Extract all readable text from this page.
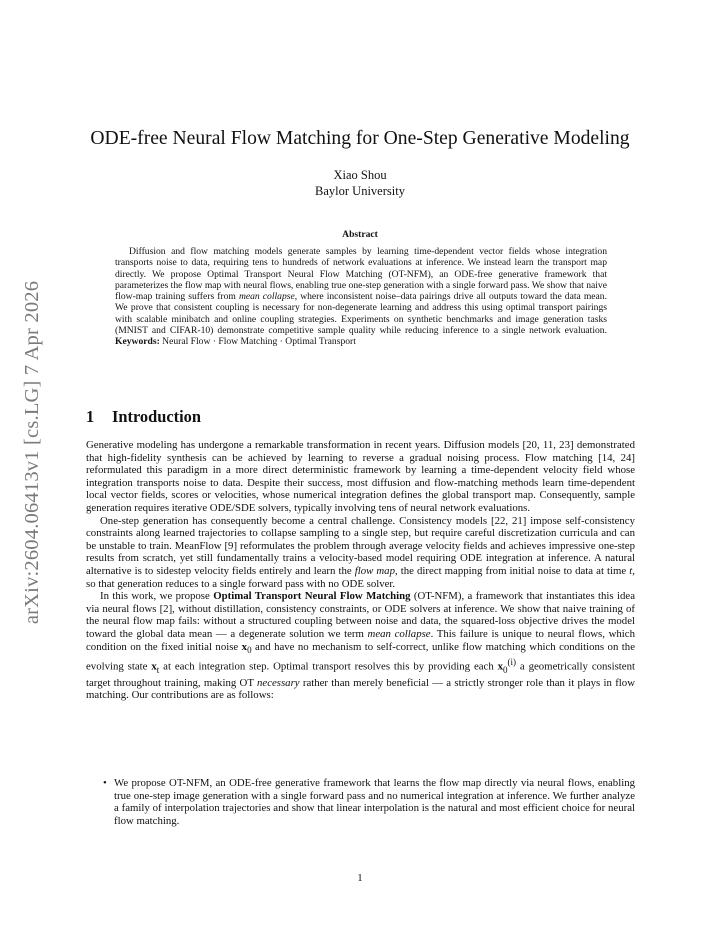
arXiv:2604.06413v1 [cs.LG] 7 Apr 2026
ODE-free Neural Flow Matching for One-Step Generative Modeling
Xiao Shou
Baylor University
Abstract

Diffusion and flow matching models generate samples by learning time-dependent vector fields whose integration transports noise to data, requiring tens to hundreds of network evaluations at inference. We instead learn the transport map directly. We propose Optimal Transport Neural Flow Matching (OT-NFM), an ODE-free generative framework that parameterizes the flow map with neural flows, enabling true one-step generation with a single forward pass. We show that naive flow-map training suffers from mean collapse, where inconsistent noise–data pairings drive all outputs toward the data mean. We prove that consistent coupling is necessary for non-degenerate learning and address this using optimal transport pairings with scalable minibatch and online coupling strategies. Experiments on synthetic benchmarks and image generation tasks (MNIST and CIFAR-10) demonstrate competitive sample quality while reducing inference to a single network evaluation. Keywords: Neural Flow · Flow Matching · Optimal Transport

1 Introduction

Generative modeling has undergone a remarkable transformation in recent years. Diffusion models [20, 11, 23] demonstrated that high-fidelity synthesis can be achieved by learning to reverse a gradual noising process. Flow matching [14, 24] reformulated this paradigm in a more direct deterministic framework by learning a time-dependent velocity field whose integration transports noise to data. Despite their success, most diffusion and flow-matching methods learn time-dependent local vector fields, scores or velocities, whose numerical integration defines the global transport map. Consequently, sample generation requires iterative ODE/SDE solvers, typically involving tens of neural network evaluations.

One-step generation has consequently become a central challenge. Consistency models [22, 21] impose self-consistency constraints along learned trajectories to collapse sampling to a single step, but require careful discretization curricula and can be unstable to train. MeanFlow [9] reformulates the problem through average velocity fields and achieves impressive one-step results from scratch, yet still fundamentally trains a velocity-based model requiring ODE integration at inference. A natural alternative is to sidestep velocity fields entirely and learn the flow map, the direct mapping from initial noise to data at time t, so that generation reduces to a single forward pass with no ODE solver.

In this work, we propose Optimal Transport Neural Flow Matching (OT-NFM), a framework that instantiates this idea via neural flows [2], without distillation, consistency constraints, or ODE solvers at inference. We show that naive training of the neural flow map fails: without a structured coupling between noise and data, the squared-loss objective drives the model toward the global data mean — a degenerate solution we term mean collapse. This failure is unique to neural flows, which condition on the fixed initial noise $x_0$ and have no mechanism to self-correct, unlike flow matching which conditions on the evolving state $x_t$ at each integration step. Optimal transport resolves this by providing each $x_0^{(i)}$ a geometrically consistent target throughout training, making OT necessary rather than merely beneficial — a strictly stronger role than it plays in flow matching. Our contributions are as follows:

• We propose OT-NFM, an ODE-free generative framework that learns the flow map directly via neural flows, enabling true one-step image generation with a single forward pass and no numerical integration at inference. We further analyze a family of interpolation trajectories and show that linear interpolation is the natural and most efficient choice for neural flow matching.
1
